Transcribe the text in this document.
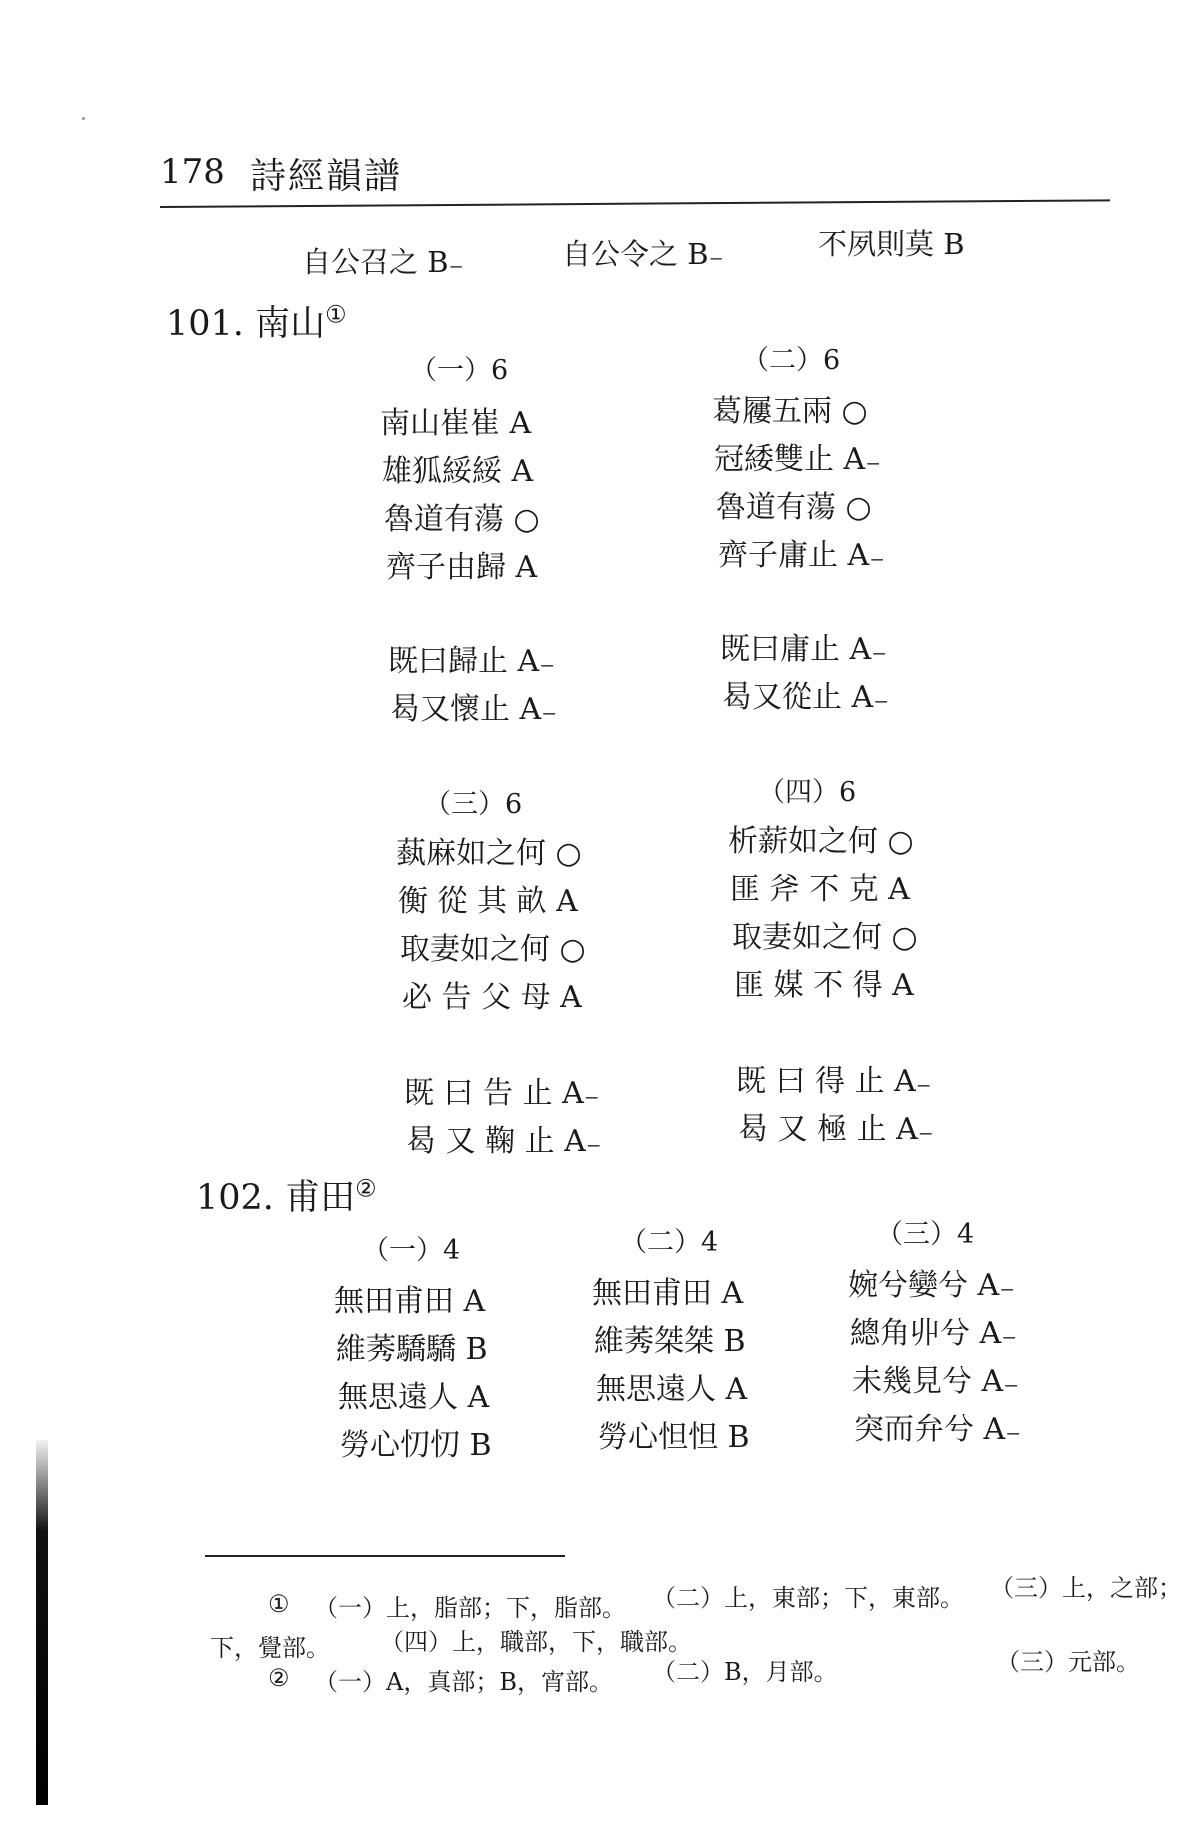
178 詩經韻譜
自公召之 B₋	自公令之 B₋	不夙則莫 B
101. 南山①
（一）6
南山崔崔 A
雄狐綏綏 A
魯道有蕩 ○
齊子由歸 A
既曰歸止 A₋
曷又懷止 A₋
（二）6
葛屨五兩 ○
冠緌雙止 A₋
魯道有蕩 ○
齊子庸止 A₋
既曰庸止 A₋
曷又從止 A₋
（三）6
蓺麻如之何 ○
衡 從 其 畝 A
取妻如之何 ○
必 告 父 母 A
既 曰 告 止 A₋
曷 又 鞠 止 A₋
（四）6
析薪如之何 ○
匪 斧 不 克 A
取妻如之何 ○
匪 媒 不 得 A
既 曰 得 止 A₋
曷 又 極 止 A₋
102. 甫田②
（一）4
無田甫田 A
維莠驕驕 B
無思遠人 A
勞心忉忉 B
（二）4
無田甫田 A
維莠桀桀 B
無思遠人 A
勞心怛怛 B
（三）4
婉兮孌兮 A₋
總角丱兮 A₋
未幾見兮 A₋
突而弁兮 A₋
① （一）上，脂部；下，脂部。 （二）上，東部；下，東部。 （三）上，之部；
下，覺部。 （四）上，職部，下，職部。
② （一）A，真部；B，宵部。 （二）B，月部。	（三）元部。
